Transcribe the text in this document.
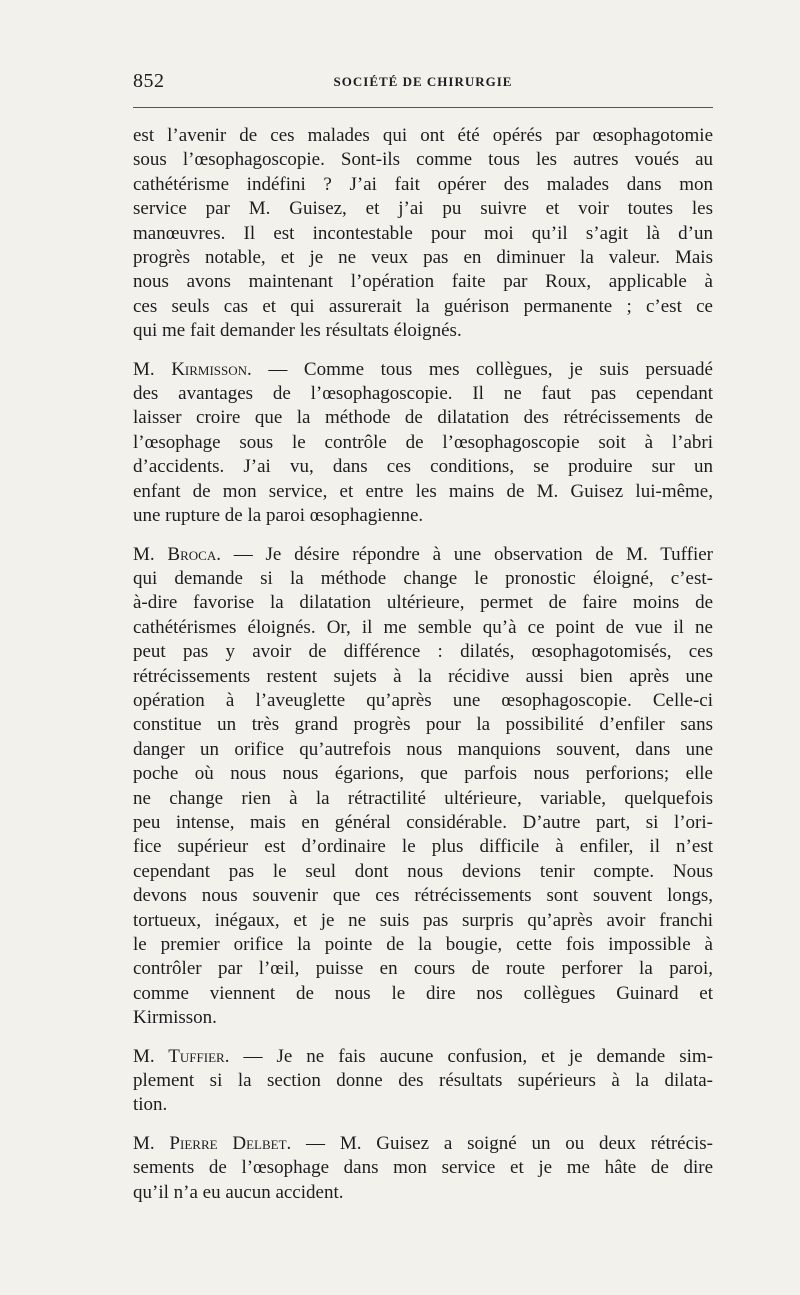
852	SOCIÉTÉ DE CHIRURGIE

est l’avenir de ces malades qui ont été opérés par œsophagotomie
sous l’œsophagoscopie. Sont-ils comme tous les autres voués au
cathétérisme indéfini ? J’ai fait opérer des malades dans mon
service par M. Guisez, et j’ai pu suivre et voir toutes les
manœuvres. Il est incontestable pour moi qu’il s’agit là d’un
progrès notable, et je ne veux pas en diminuer la valeur. Mais
nous avons maintenant l’opération faite par Roux, applicable à
ces seuls cas et qui assurerait la guérison permanente ; c’est ce
qui me fait demander les résultats éloignés.

M. Kirmisson. — Comme tous mes collègues, je suis persuadé
des avantages de l’œsophagoscopie. Il ne faut pas cependant
laisser croire que la méthode de dilatation des rétrécissements de
l’œsophage sous le contrôle de l’œsophagoscopie soit à l’abri
d’accidents. J’ai vu, dans ces conditions, se produire sur un
enfant de mon service, et entre les mains de M. Guisez lui-même,
une rupture de la paroi œsophagienne.

M. Broca. — Je désire répondre à une observation de M. Tuffier
qui demande si la méthode change le pronostic éloigné, c’est-
à-dire favorise la dilatation ultérieure, permet de faire moins de
cathétérismes éloignés. Or, il me semble qu’à ce point de vue il ne
peut pas y avoir de différence : dilatés, œsophagotomisés, ces
rétrécissements restent sujets à la récidive aussi bien après une
opération à l’aveuglette qu’après une œsophagoscopie. Celle-ci
constitue un très grand progrès pour la possibilité d’enfiler sans
danger un orifice qu’autrefois nous manquions souvent, dans une
poche où nous nous égarions, que parfois nous perforions; elle
ne change rien à la rétractilité ultérieure, variable, quelquefois
peu intense, mais en général considérable. D’autre part, si l’ori-
fice supérieur est d’ordinaire le plus difficile à enfiler, il n’est
cependant pas le seul dont nous devions tenir compte. Nous
devons nous souvenir que ces rétrécissements sont souvent longs,
tortueux, inégaux, et je ne suis pas surpris qu’après avoir franchi
le premier orifice la pointe de la bougie, cette fois impossible à
contrôler par l’œil, puisse en cours de route perforer la paroi,
comme viennent de nous le dire nos collègues Guinard et
Kirmisson.

M. Tuffier. — Je ne fais aucune confusion, et je demande sim-
plement si la section donne des résultats supérieurs à la dilata-
tion.

M. Pierre Delbet. — M. Guisez a soigné un ou deux rétrécis-
sements de l’œsophage dans mon service et je me hâte de dire
qu’il n’a eu aucun accident.
